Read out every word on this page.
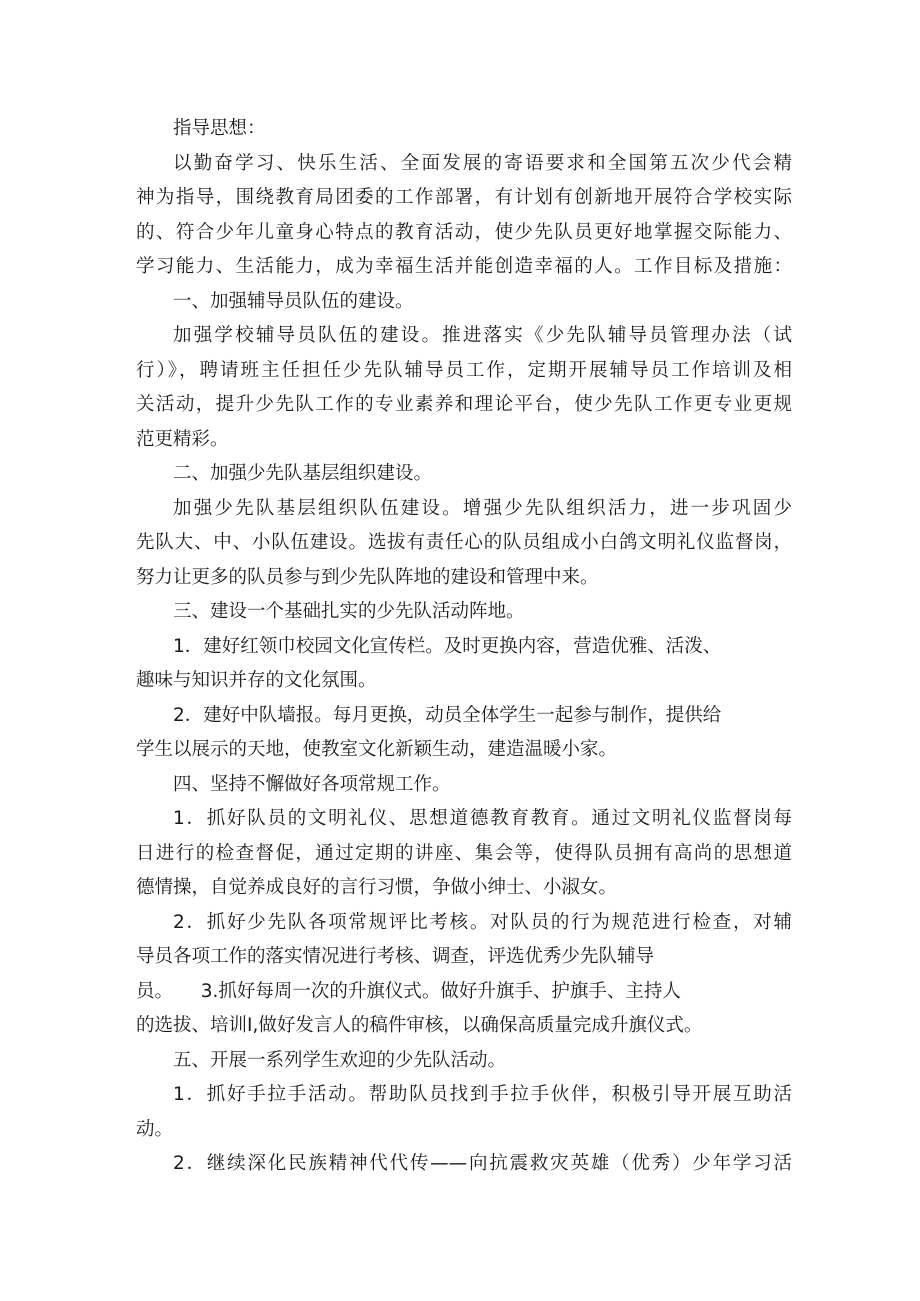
指导思想：

以勤奋学习、快乐生活、全面发展的寄语要求和全国第五次少代会精
神为指导，围绕教育局团委的工作部署，有计划有创新地开展符合学校实际
的、符合少年儿童身心特点的教育活动，使少先队员更好地掌握交际能力、
学习能力、生活能力，成为幸福生活并能创造幸福的人。工作目标及措施：

一、加强辅导员队伍的建设。

加强学校辅导员队伍的建设。推进落实《少先队辅导员管理办法（试
行）》，聘请班主任担任少先队辅导员工作，定期开展辅导员工作培训及相
关活动，提升少先队工作的专业素养和理论平台，使少先队工作更专业更规
范更精彩。

二、加强少先队基层组织建设。

加强少先队基层组织队伍建设。增强少先队组织活力，进一步巩固少
先队大、中、小队伍建设。选拔有责任心的队员组成小白鸽文明礼仪监督岗，
努力让更多的队员参与到少先队阵地的建设和管理中来。

三、建设一个基础扎实的少先队活动阵地。

1．建好红领巾校园文化宣传栏。及时更换内容，营造优雅、活泼、
趣味与知识并存的文化氛围。

2．建好中队墙报。每月更换，动员全体学生一起参与制作，提供给
学生以展示的天地，使教室文化新颖生动，建造温暖小家。

四、坚持不懈做好各项常规工作。

1．抓好队员的文明礼仪、思想道德教育教育。通过文明礼仪监督岗每
日进行的检查督促，通过定期的讲座、集会等，使得队员拥有高尚的思想道
德情操，自觉养成良好的言行习惯，争做小绅士、小淑女。

2．抓好少先队各项常规评比考核。对队员的行为规范进行检查，对辅
导员各项工作的落实情况进行考核、调查，评选优秀少先队辅导
员。　　3.抓好每周一次的升旗仪式。做好升旗手、护旗手、主持人
的选拔、培训I,做好发言人的稿件审核，以确保高质量完成升旗仪式。

五、开展一系列学生欢迎的少先队活动。

1．抓好手拉手活动。帮助队员找到手拉手伙伴，积极引导开展互助活
动。

2．继续深化民族精神代代传——向抗震救灾英雄（优秀）少年学习活
